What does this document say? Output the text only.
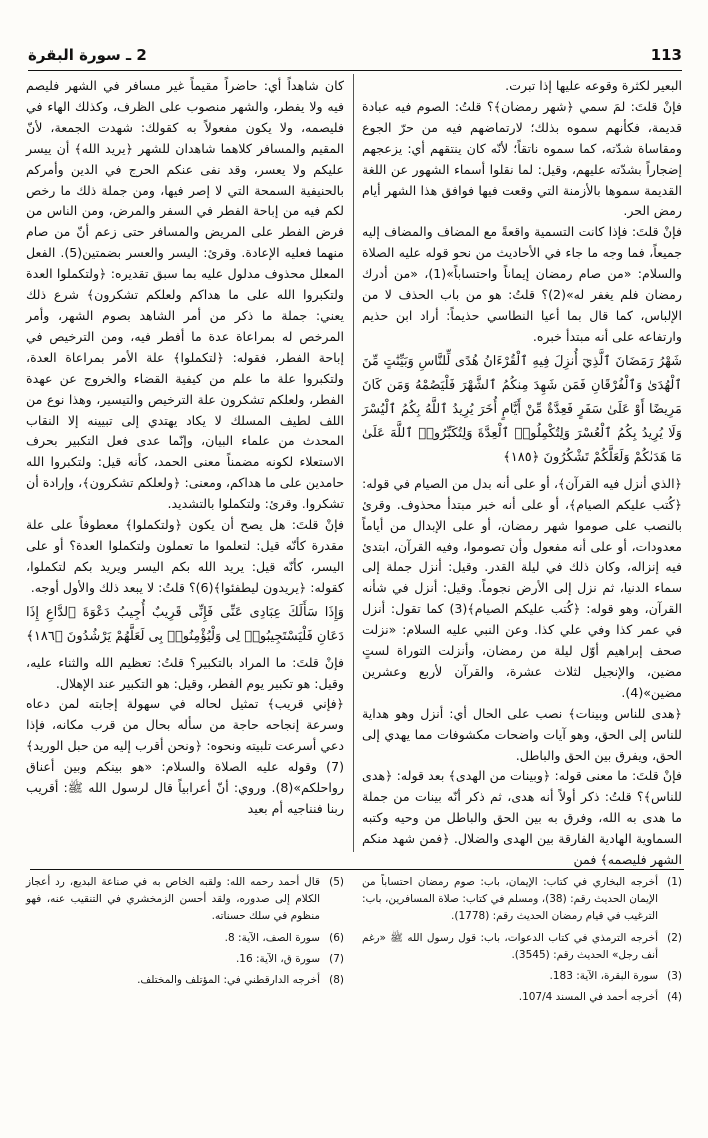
2 ـ سورة البقرة	113

البعير لكثرة وقوعه عليها إذا تبرت.

فإنْ قلتَ: لمَ سمي ﴿شهر رمضان﴾؟ قلتُ: الصوم فيه عبادة قديمة، فكأنهم سموه بذلك؛ لارتماضهم فيه من حرّ الجوع ومقاساة شدّته، كما سموه ناتقاً؛ لأنّه كان ينتقهم أي: يزعجهم إضجاراً بشدّته عليهم، وقيل: لما نقلوا أسماء الشهور عن اللغة القديمة سموها بالأزمنة التي وقعت فيها فوافق هذا الشهر أيام رمض الحر.

فإنْ قلتَ: فإذا كانت التسمية واقعةً مع المضاف والمضاف إليه جميعاً، فما وجه ما جاء في الأحاديث من نحو قوله عليه الصلاة والسلام: «من صام رمضان إيماناً واحتساباً»(1)، «من أدرك رمضان فلم يغفر له»(2)؟ قلتُ: هو من باب الحذف لا من الإلباس، كما قال بما أعيا النطاسي حذيماً: أراد ابن حذيم وارتفاعه على أنه مبتدأ خبره.

شَهْرُ رَمَضَانَ ٱلَّذِيٓ أُنزِلَ فِيهِ ٱلْقُرْءَانُ هُدًى لِّلنَّاسِ وَبَيِّنَٰتٍ مِّنَ ٱلْهُدَىٰ وَٱلْفُرْقَانِ فَمَن شَهِدَ مِنكُمُ ٱلشَّهْرَ فَلْيَصُمْهُ وَمَن كَانَ مَرِيضًا أَوْ عَلَىٰ سَفَرٍ فَعِدَّةٌ مِّنْ أَيَّامٍ أُخَرَ يُرِيدُ ٱللَّهُ بِكُمُ ٱلْيُسْرَ وَلَا يُرِيدُ بِكُمُ ٱلْعُسْرَ وَلِتُكْمِلُوا۟ ٱلْعِدَّةَ وَلِتُكَبِّرُوا۟ ٱللَّهَ عَلَىٰ مَا هَدَىٰكُمْ وَلَعَلَّكُمْ تَشْكُرُونَ ﴿١٨٥﴾

﴿الذي أنزل فيه القرآن﴾، أو على أنه بدل من الصيام في قوله: ﴿كُتب عليكم الصيام﴾، أو على أنه خبر مبتدأ محذوف. وقرئ بالنصب على صوموا شهر رمضان، أو على الإبدال من أياماً معدودات، أو على أنه مفعول وأن تصوموا، وفيه القرآن، ابتدئ فيه إنزاله، وكان ذلك في ليلة القدر. وقيل: أنزل جملة إلى سماء الدنيا، ثم نزل إلى الأرض نجوماً. وقيل: أنزل في شأنه القرآن، وهو قوله: ﴿كُتب عليكم الصيام﴾(3) كما تقول: أنزل في عمر كذا وفي علي كذا. وعن النبي عليه السلام: «نزلت صحف إبراهيم أوّل ليلة من رمضان، وأنزلت التوراة لستٍ مضين، والإنجيل لثلاث عشرة، والقرآن لأربع وعشرين مضين»(4).

﴿هدى للناس وبينات﴾ نصب على الحال أي: أنزل وهو هداية للناس إلى الحق، وهو آيات واضحات مكشوفات مما يهدي إلى الحق، ويفرق بين الحق والباطل.

فإنْ قلتَ: ما معنى قوله: ﴿وبينات من الهدى﴾ بعد قوله: ﴿هدى للناس﴾؟ قلتُ: ذكر أولاً أنه هدى، ثم ذكر أنّه بينات من جملة ما هدى به الله، وفرق به بين الحق والباطل من وحيه وكتبه السماوية الهادية الفارقة بين الهدى والضلال. ﴿فمن شهد منكم الشهر فليصمه﴾ فمن

كان شاهداً أي: حاضراً مقيماً غير مسافر في الشهر فليصم فيه ولا يفطر، والشهر منصوب على الظرف، وكذلك الهاء في فليصمه، ولا يكون مفعولاً به كقولك: شهدت الجمعة، لأنّ المقيم والمسافر كلاهما شاهدان للشهر ﴿يريد الله﴾ أن ييسر عليكم ولا يعسر، وقد نفى عنكم الحرج في الدين وأمركم بالحنيفية السمحة التي لا إصر فيها، ومن جملة ذلك ما رخص لكم فيه من إباحة الفطر في السفر والمرض، ومن الناس من فرض الفطر على المريض والمسافر حتى زعم أنّ من صام منهما فعليه الإعادة. وقرئ: اليسر والعسر بضمتين(5). الفعل المعلل محذوف مدلول عليه بما سبق تقديره: ﴿ولتكملوا العدة ولتكبروا الله على ما هداكم ولعلكم تشكرون﴾ شرع ذلك يعني: جملة ما ذكر من أمر الشاهد بصوم الشهر، وأمر المرخص له بمراعاة عدة ما أفطر فيه، ومن الترخيص في إباحة الفطر، فقوله: ﴿لتكملوا﴾ علة الأمر بمراعاة العدة، ولتكبروا علة ما علم من كيفية القضاء والخروج عن عهدة الفطر، ولعلكم تشكرون علة الترخيص والتيسير، وهذا نوع من اللف لطيف المسلك لا يكاد يهتدي إلى تبيينه إلا النقاب المحدث من علماء البيان، وإنّما عدى فعل التكبير بحرف الاستعلاء لكونه مضمناً معنى الحمد، كأنه قيل: ولتكبروا الله حامدين على ما هداكم، ومعنى: ﴿ولعلكم تشكرون﴾، وإرادة أن تشكروا. وقرئ: ولتكملوا بالتشديد.

فإنْ قلتَ: هل يصح أن يكون ﴿ولتكملوا﴾ معطوفاً على علة مقدرة كأنّه قيل: لتعلموا ما تعملون ولتكملوا العدة؟ أو على اليسر، كأنّه قيل: يريد الله بكم اليسر ويريد بكم لتكملوا، كقوله: ﴿يريدون ليطفئوا﴾(6)؟ قلتُ: لا يبعد ذلك والأول أوجه.

وَإِذَا سَأَلَكَ عِبَادِى عَنِّى فَإِنِّى قَرِيبٌ أُجِيبُ دَعْوَةَ ٱلدَّاعِ إِذَا دَعَانِ فَلْيَسْتَجِيبُوا۟ لِى وَلْيُؤْمِنُوا۟ بِى لَعَلَّهُمْ يَرْشُدُونَ ﴿١٨٦﴾

فإنْ قلتَ: ما المراد بالتكبير؟ قلتُ: تعظيم الله والثناء عليه، وقيل: هو تكبير يوم الفطر، وقيل: هو التكبير عند الإهلال.

﴿فإني قريب﴾ تمثيل لحاله في سهولة إجابته لمن دعاه وسرعة إنجاحه حاجة من سأله بحال من قرب مكانه، فإذا دعي أسرعت تلبيته ونحوه: ﴿ونحن أقرب إليه من حبل الوريد﴾(7) وقوله عليه الصلاة والسلام: «هو بينكم وبين أعناق رواحلكم»(8). وروي: أنّ أعرابياً قال لرسول الله ﷺ: أقريب ربنا فنناجيه أم بعيد

(1)
أخرجه البخاري في كتاب: الإيمان، باب: صوم رمضان احتساباً من الإيمان الحديث رقم: (38)، ومسلم في كتاب: صلاة المسافرين، باب: الترغيب في قيام رمضان الحديث رقم: (1778).
(2)
أخرجه الترمذي في كتاب الدعوات، باب: قول رسول الله ﷺ «رغم أنف رجل» الحديث رقم: (3545).
(3)
سورة البقرة، الآية: 183.
(4)
أخرجه أحمد في المسند 107/4.
(5)
قال أحمد رحمه الله: ولقبه الخاص به في صناعة البديع، رد أعجاز الكلام إلى صدوره، ولقد أحسن الزمخشري في التنقيب عنه، فهو منظوم في سلك حسناته.
(6)
سورة الصف، الآية: 8.
(7)
سورة ق، الآية: 16.
(8)
أخرجه الدارقطني في: المؤتلف والمختلف.
